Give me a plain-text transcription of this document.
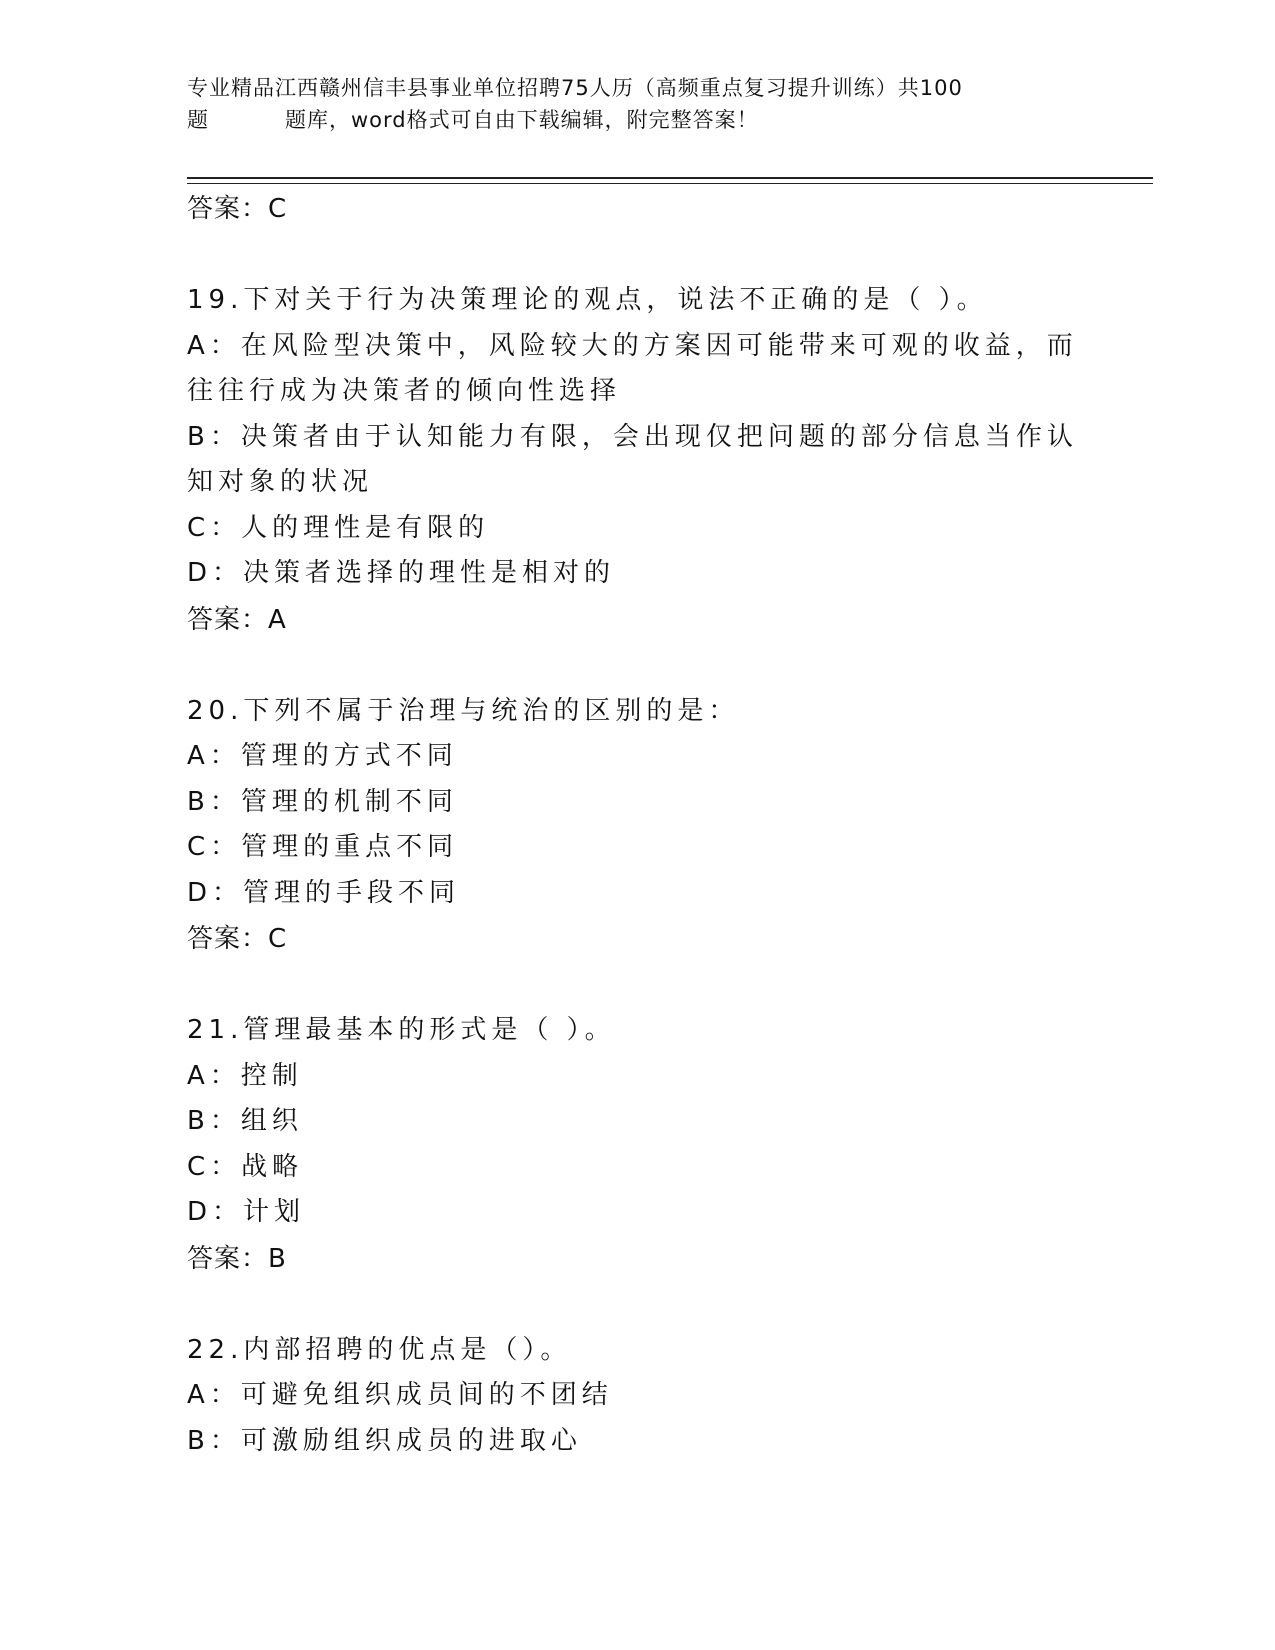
专业精品江西赣州信丰县事业单位招聘75人历（高频重点复习提升训练）共100
题	题库，word格式可自由下载编辑，附完整答案！
答案：C
19.下对关于行为决策理论的观点，说法不正确的是（ ）。
A：在风险型决策中，风险较大的方案因可能带来可观的收益，而往往行成为决策者的倾向性选择
B：决策者由于认知能力有限，会出现仅把问题的部分信息当作认知对象的状况
C：人的理性是有限的
D：决策者选择的理性是相对的
答案：A
20.下列不属于治理与统治的区别的是：
A：管理的方式不同
B：管理的机制不同
C：管理的重点不同
D：管理的手段不同
答案：C
21.管理最基本的形式是（ ）。
A：控制
B：组织
C：战略
D：计划
答案：B
22.内部招聘的优点是（）。
A：可避免组织成员间的不团结
B：可激励组织成员的进取心
